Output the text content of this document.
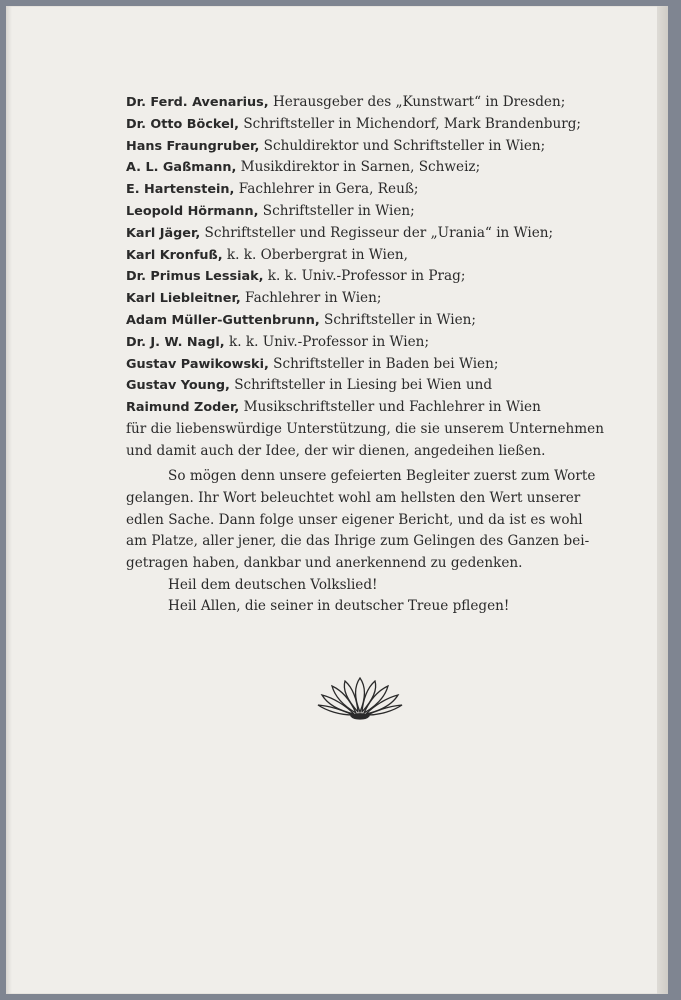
Dr. Ferd. Avenarius, Herausgeber des „Kunstwart“ in Dresden;
Dr. Otto Böckel, Schriftsteller in Michendorf, Mark Brandenburg;
Hans Fraungruber, Schuldirektor und Schriftsteller in Wien;
A. L. Gaßmann, Musikdirektor in Sarnen, Schweiz;
E. Hartenstein, Fachlehrer in Gera, Reuß;
Leopold Hörmann, Schriftsteller in Wien;
Karl Jäger, Schriftsteller und Regisseur der „Urania“ in Wien;
Karl Kronfuß, k. k. Oberbergrat in Wien,
Dr. Primus Lessiak, k. k. Univ.-Professor in Prag;
Karl Liebleitner, Fachlehrer in Wien;
Adam Müller-Guttenbrunn, Schriftsteller in Wien;
Dr. J. W. Nagl, k. k. Univ.-Professor in Wien;
Gustav Pawikowski, Schriftsteller in Baden bei Wien;
Gustav Young, Schriftsteller in Liesing bei Wien und
Raimund Zoder, Musikschriftsteller und Fachlehrer in Wien
für die liebenswürdige Unterstützung, die sie unserem Unternehmen
und damit auch der Idee, der wir dienen, angedeihen ließen.
So mögen denn unsere gefeierten Begleiter zuerst zum Worte
gelangen. Ihr Wort beleuchtet wohl am hellsten den Wert unserer
edlen Sache. Dann folge unser eigener Bericht, und da ist es wohl
am Platze, aller jener, die das Ihrige zum Gelingen des Ganzen bei-
getragen haben, dankbar und anerkennend zu gedenken.
Heil dem deutschen Volkslied!
Heil Allen, die seiner in deutscher Treue pflegen!
